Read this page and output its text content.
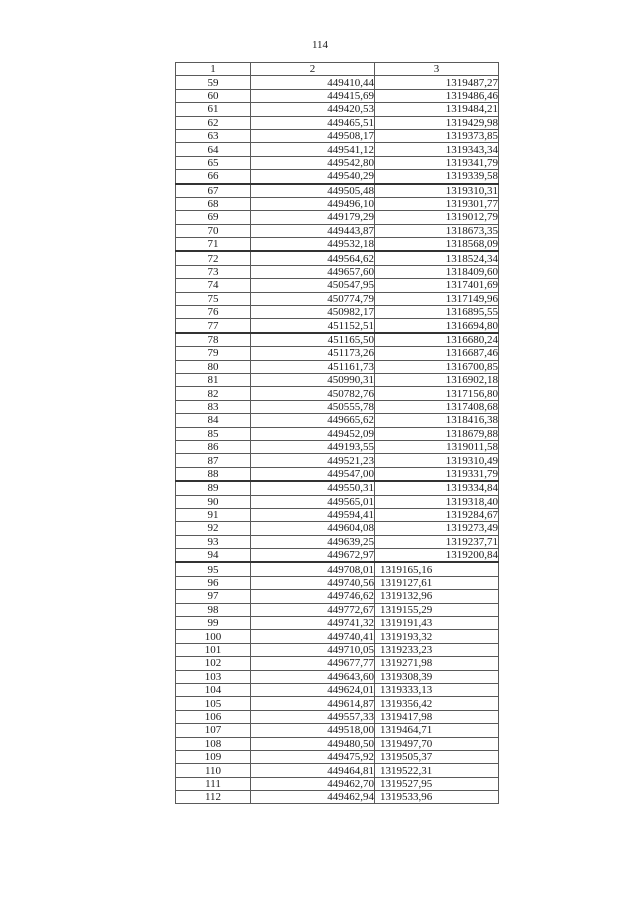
114
1	2	3
59	449410,44	1319487,27
60	449415,69	1319486,46
61	449420,53	1319484,21
62	449465,51	1319429,98
63	449508,17	1319373,85
64	449541,12	1319343,34
65	449542,80	1319341,79
66	449540,29	1319339,58
67	449505,48	1319310,31
68	449496,10	1319301,77
69	449179,29	1319012,79
70	449443,87	1318673,35
71	449532,18	1318568,09
72	449564,62	1318524,34
73	449657,60	1318409,60
74	450547,95	1317401,69
75	450774,79	1317149,96
76	450982,17	1316895,55
77	451152,51	1316694,80
78	451165,50	1316680,24
79	451173,26	1316687,46
80	451161,73	1316700,85
81	450990,31	1316902,18
82	450782,76	1317156,80
83	450555,78	1317408,68
84	449665,62	1318416,38
85	449452,09	1318679,88
86	449193,55	1319011,58
87	449521,23	1319310,49
88	449547,00	1319331,79
89	449550,31	1319334,84
90	449565,01	1319318,40
91	449594,41	1319284,67
92	449604,08	1319273,49
93	449639,25	1319237,71
94	449672,97	1319200,84
95	449708,01	1319165,16
96	449740,56	1319127,61
97	449746,62	1319132,96
98	449772,67	1319155,29
99	449741,32	1319191,43
100	449740,41	1319193,32
101	449710,05	1319233,23
102	449677,77	1319271,98
103	449643,60	1319308,39
104	449624,01	1319333,13
105	449614,87	1319356,42
106	449557,33	1319417,98
107	449518,00	1319464,71
108	449480,50	1319497,70
109	449475,92	1319505,37
110	449464,81	1319522,31
111	449462,70	1319527,95
112	449462,94	1319533,96
